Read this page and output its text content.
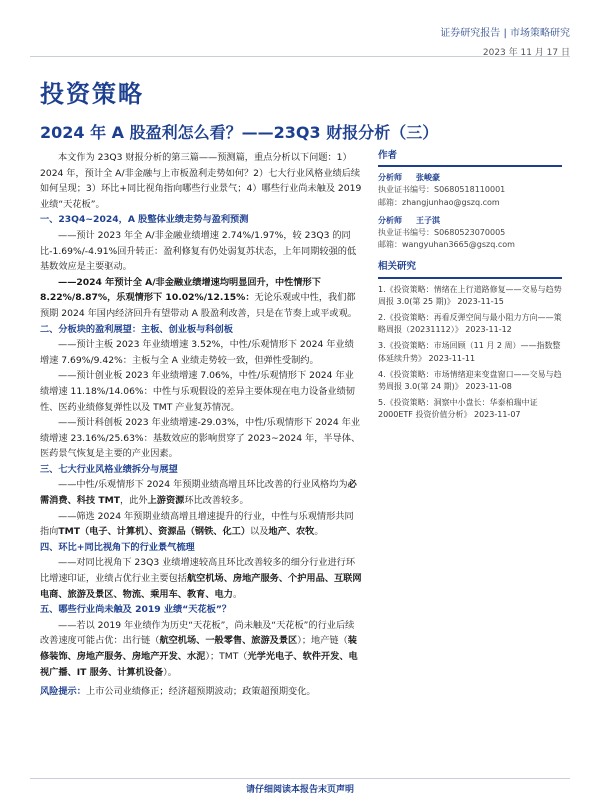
证券研究报告 | 市场策略研究
2023 年 11 月 17 日
投资策略
2024 年 A 股盈利怎么看？——23Q3 财报分析（三）

本文作为 23Q3 财报分析的第三篇——预测篇，重点分析以下问题：1）2024 年，预计全 A/非金融与上市板盈利走势如何？2）七大行业风格业绩后续如何呈现；3）环比+同比视角指向哪些行业景气；4）哪些行业尚未触及 2019 业绩“天花板”。

一、23Q4~2024，A 股整体业绩走势与盈利预测

——预计 2023 年全 A/非金融业绩增速 2.74%/1.97%，较 23Q3 的同比-1.69%/-4.91%回升转正：盈利修复有仍处弱复苏状态，上年同期较强的低基数效应是主要驱动。

——2024 年预计全 A/非金融业绩增速均明显回升，中性情形下 8.22%/8.87%，乐观情形下 10.02%/12.15%：无论乐观或中性，我们都预期 2024 年国内经济回升有望带动 A 股盈利改善，只是在节奏上或平或观。

二、分板块的盈利展望：主板、创业板与科创板

——预计主板 2023 年业绩增速 3.52%，中性/乐观情形下 2024 年业绩增速 7.69%/9.42%：主板与全 A 业绩走势较一致，但弹性受制约。

——预计创业板 2023 年业绩增速 7.06%，中性/乐观情形下 2024 年业绩增速 11.18%/14.06%：中性与乐观假设的差异主要体现在电力设备业绩韧性、医药业绩修复弹性以及 TMT 产业复苏情况。

——预计科创板 2023 年业绩增速-29.03%，中性/乐观情形下 2024 年业绩增速 23.16%/25.63%：基数效应的影响贯穿了 2023~2024 年，半导体、医药景气恢复是主要的产业因素。

三、七大行业风格业绩拆分与展望

——中性/乐观情形下 2024 年预期业绩高增且环比改善的行业风格均为必需消费、科技 TMT，此外上游资源环比改善较多。

——筛选 2024 年预期业绩高增且增速提升的行业，中性与乐观情形共同指向TMT（电子、计算机）、资源品（钢铁、化工）以及地产、农牧。

四、环比+同比视角下的行业景气梳理

——对同比视角下 23Q3 业绩增速较高且环比改善较多的细分行业进行环比增速印证，业绩占优行业主要包括航空机场、房地产服务、个护用品、互联网电商、旅游及景区、物流、乘用车、教育、电力。

五、哪些行业尚未触及 2019 业绩“天花板”？

——若以 2019 年业绩作为历史“天花板”，尚未触及“天花板”的行业后续改善速度可能占优：出行链（航空机场、一般零售、旅游及景区）；地产链（装修装饰、房地产服务、房地产开发、水泥）；TMT（光学光电子、软件开发、电视广播、IT 服务、计算机设备）。

风险提示：上市公司业绩修正；经济超预期波动；政策超预期变化。

作者
分析师 张峻豪
执业证书编号：S0680518110001
邮箱：zhangjunhao@gszq.com
分析师 王子淇
执业证书编号：S0680523070005
邮箱：wangyuhan3665@gszq.com
相关研究
1.《投资策略：情绪在上行道路修复——交易与趋势周报 3.0(第 25 期)》 2023-11-15
2.《投资策略：再看反弹空间与最小阻力方向——策略周报（20231112）》 2023-11-12
3.《投资策略：市场回顾（11 月 2 周）——指数整体延续升势》 2023-11-11
4.《投资策略：市场情绪迎来变盘窗口——交易与趋势周报 3.0(第 24 期)》 2023-11-08
5.《投资策略：洞察中小盘长：华泰柏瑞中证 2000ETF 投资价值分析》 2023-11-07
请仔细阅读本报告末页声明
